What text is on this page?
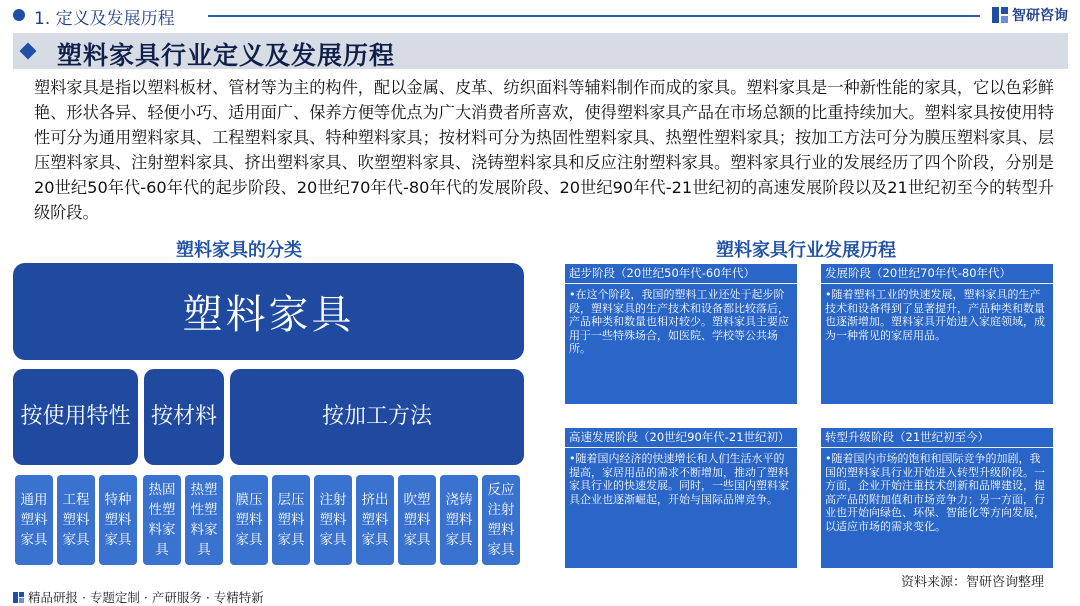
1. 定义及发展历程	智研咨询
塑料家具行业定义及发展历程

塑料家具是指以塑料板材、管材等为主的构件，配以金属、皮革、纺织面料等辅料制作而成的家具。塑料家具是一种新性能的家具，它以色彩鲜艳、形状各异、轻便小巧、适用面广、保养方便等优点为广大消费者所喜欢，使得塑料家具产品在市场总额的比重持续加大。塑料家具按使用特性可分为通用塑料家具、工程塑料家具、特种塑料家具；按材料可分为热固性塑料家具、热塑性塑料家具；按加工方法可分为膜压塑料家具、层压塑料家具、注射塑料家具、挤出塑料家具、吹塑塑料家具、浇铸塑料家具和反应注射塑料家具。塑料家具行业的发展经历了四个阶段，分别是20世纪50年代-60年代的起步阶段、20世纪70年代-80年代的发展阶段、20世纪90年代-21世纪初的高速发展阶段以及21世纪初至今的转型升级阶段。

塑料家具的分类	塑料家具行业发展历程
塑料家具
按使用特性 按材料	按加工方法
通用塑料家具
工程塑料家具
特种塑料家具
热固性塑料家具
热塑性塑料家具
膜压塑料家具
层压塑料家具
注射塑料家具
挤出塑料家具
吹塑塑料家具
浇铸塑料家具
反应注射塑料家具
起步阶段（20世纪50年代-60年代）
•在这个阶段，我国的塑料工业还处于起步阶段，塑料家具的生产技术和设备都比较落后，产品种类和数量也相对较少。塑料家具主要应用于一些特殊场合，如医院、学校等公共场所。
发展阶段（20世纪70年代-80年代）
•随着塑料工业的快速发展，塑料家具的生产技术和设备得到了显著提升，产品种类和数量也逐渐增加。塑料家具开始进入家庭领域，成为一种常见的家居用品。
高速发展阶段（20世纪90年代-21世纪初）
•随着国内经济的快速增长和人们生活水平的提高，家居用品的需求不断增加，推动了塑料家具行业的快速发展。同时，一些国内塑料家具企业也逐渐崛起，开始与国际品牌竞争。
转型升级阶段（21世纪初至今）
•随着国内市场的饱和和国际竞争的加剧，我国的塑料家具行业开始进入转型升级阶段。一方面，企业开始注重技术创新和品牌建设，提高产品的附加值和市场竞争力；另一方面，行业也开始向绿色、环保、智能化等方向发展，以适应市场的需求变化。
资料来源：智研咨询整理
精品研报 · 专题定制 · 产研服务 · 专精特新
